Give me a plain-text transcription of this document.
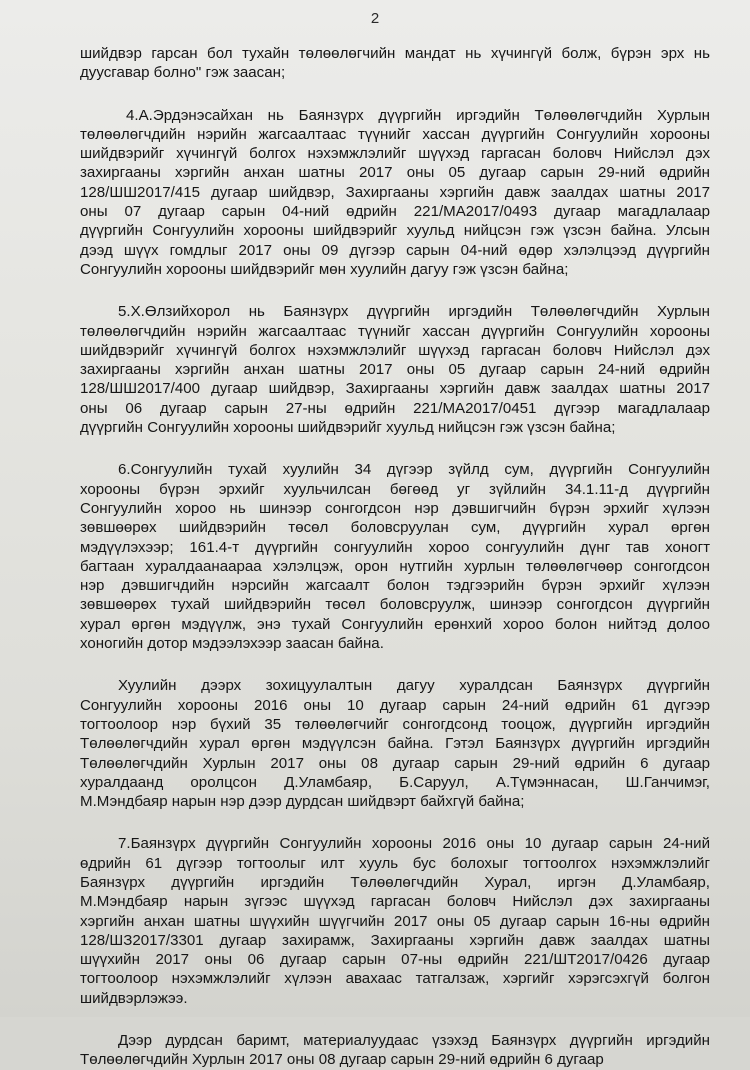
2
шийдвэр гарсан бол тухайн төлөөлөгчийн мандат нь хүчингүй болж, бүрэн эрх нь
дуусгавар болно" гэж заасан;
4.А.Эрдэнэсайхан нь Баянзүрх дүүргийн иргэдийн Төлөөлөгчдийн Хурлын
төлөөлөгчдийн нэрийн жагсаалтаас түүнийг хассан дүүргийн Сонгуулийн хорооны
шийдвэрийг хүчингүй болгох нэхэмжлэлийг шүүхэд гаргасан боловч Нийслэл дэх
захиргааны хэргийн анхан шатны 2017 оны 05 дугаар сарын 29-ний өдрийн
128/ШШ2017/415 дугаар шийдвэр, Захиргааны хэргийн давж заалдах шатны 2017
оны 07 дугаар сарын 04-ний өдрийн 221/МА2017/0493 дугаар магадлалаар
дүүргийн Сонгуулийн хорооны шийдвэрийг хуульд нийцсэн гэж үзсэн байна. Улсын
дээд шүүх гомдлыг 2017 оны 09 дүгээр сарын 04-ний өдөр хэлэлцээд дүүргийн
Сонгуулийн хорооны шийдвэрийг мөн хуулийн дагуу гэж үзсэн байна;
5.Х.Өлзийхорол нь Баянзүрх дүүргийн иргэдийн Төлөөлөгчдийн Хурлын
төлөөлөгчдийн нэрийн жагсаалтаас түүнийг хассан дүүргийн Сонгуулийн хорооны
шийдвэрийг хүчингүй болгох нэхэмжлэлийг шүүхэд гаргасан боловч Нийслэл дэх
захиргааны хэргийн анхан шатны 2017 оны 05 дугаар сарын 24-ний өдрийн
128/ШШ2017/400 дугаар шийдвэр, Захиргааны хэргийн давж заалдах шатны 2017
оны 06 дугаар сарын 27-ны өдрийн 221/МА2017/0451 дүгээр магадлалаар
дүүргийн Сонгуулийн хорооны шийдвэрийг хуульд нийцсэн гэж үзсэн байна;
6.Сонгуулийн тухай хуулийн 34 дүгээр зүйлд сум, дүүргийн Сонгуулийн
хорооны бүрэн эрхийг хуульчилсан бөгөөд уг зүйлийн 34.1.11-д дүүргийн
Сонгуулийн хороо нь шинээр сонгогдсон нэр дэвшигчийн бүрэн эрхийг хүлээн
зөвшөөрөх шийдвэрийн төсөл боловсруулан сум, дүүргийн хурал өргөн
мэдүүлэхээр; 161.4-т дүүргийн сонгуулийн хороо сонгуулийн дүнг тав хоногт
багтаан хуралдаанаараа хэлэлцэж, орон нутгийн хурлын төлөөлөгчөөр сонгогдсон
нэр дэвшигчдийн нэрсийн жагсаалт болон тэдгээрийн бүрэн эрхийг хүлээн
зөвшөөрөх тухай шийдвэрийн төсөл боловсруулж, шинээр сонгогдсон дүүргийн
хурал өргөн мэдүүлж, энэ тухай Сонгуулийн ерөнхий хороо болон нийтэд долоо
хоногийн дотор мэдээлэхээр заасан байна.
Хуулийн дээрх зохицуулалтын дагуу хуралдсан Баянзүрх дүүргийн
Сонгуулийн хорооны 2016 оны 10 дугаар сарын 24-ний өдрийн 61 дүгээр
тогтоолоор нэр бүхий 35 төлөөлөгчийг сонгогдсонд тооцож, дүүргийн иргэдийн
Төлөөлөгчдийн хурал өргөн мэдүүлсэн байна. Гэтэл Баянзүрх дүүргийн иргэдийн
Төлөөлөгчдийн Хурлын 2017 оны 08 дугаар сарын 29-ний өдрийн 6 дугаар
хуралдаанд оролцсон Д.Уламбаяр, Б.Саруул, А.Түмэннасан, Ш.Ганчимэг,
М.Мэндбаяр нарын нэр дээр дурдсан шийдвэрт байхгүй байна;
7.Баянзүрх дүүргийн Сонгуулийн хорооны 2016 оны 10 дугаар сарын 24-ний
өдрийн 61 дүгээр тогтоолыг илт хууль бус болохыг тогтоолгох нэхэмжлэлийг
Баянзүрх дүүргийн иргэдийн Төлөөлөгчдийн Хурал, иргэн Д.Уламбаяр,
М.Мэндбаяр нарын зүгээс шүүхэд гаргасан боловч Нийслэл дэх захиргааны
хэргийн анхан шатны шүүхийн шүүгчийн 2017 оны 05 дугаар сарын 16-ны өдрийн
128/ШЗ2017/3301 дугаар захирамж, Захиргааны хэргийн давж заалдах шатны
шүүхийн 2017 оны 06 дугаар сарын 07-ны өдрийн 221/ШТ2017/0426 дугаар
тогтоолоор нэхэмжлэлийг хүлээн авахаас татгалзаж, хэргийг хэрэгсэхгүй болгон
шийдвэрлэжээ.
Дээр дурдсан баримт, материалуудаас үзэхэд Баянзүрх дүүргийн иргэдийн
Төлөөлөгчдийн Хурлын 2017 оны 08 дугаар сарын 29-ний өдрийн 6 дугаар
